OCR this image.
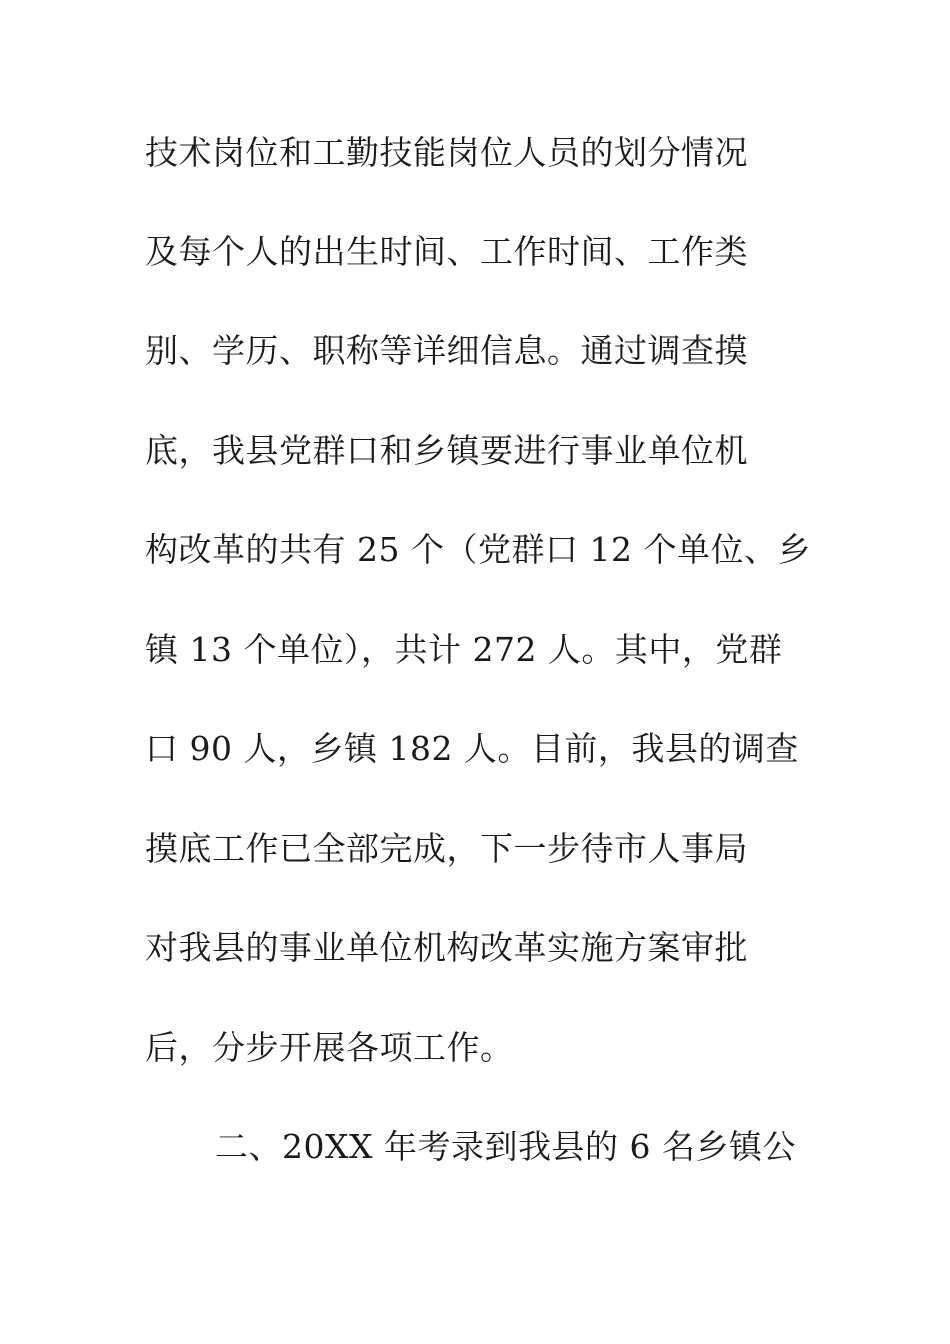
技术岗位和工勤技能岗位人员的划分情况
及每个人的出生时间、工作时间、工作类
别、学历、职称等详细信息。通过调查摸
底，我县党群口和乡镇要进行事业单位机
构改革的共有 25 个（党群口 12 个单位、乡
镇 13 个单位），共计 272 人。其中，党群
口 90 人，乡镇 182 人。目前，我县的调查
摸底工作已全部完成，下一步待市人事局
对我县的事业单位机构改革实施方案审批
后，分步开展各项工作。
二、20XX 年考录到我县的 6 名乡镇公
